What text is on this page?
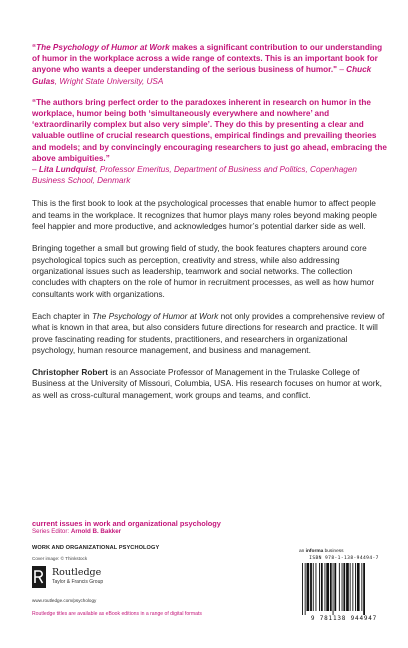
“The Psychology of Humor at Work makes a significant contribution to our understanding of humor in the workplace across a wide range of contexts. This is an important book for anyone who wants a deeper understanding of the serious business of humor." – Chuck Gulas, Wright State University, USA

“The authors bring perfect order to the paradoxes inherent in research on humor in the workplace, humor being both ‘simultaneously everywhere and nowhere’ and ‘extraordinarily complex but also very simple’. They do this by presenting a clear and valuable outline of crucial research questions, empirical findings and prevailing theories and models; and by convincingly encouraging researchers to just go ahead, embracing the above ambiguities.”

– Lita Lundquist, Professor Emeritus, Department of Business and Politics, Copenhagen Business School, Denmark

This is the first book to look at the psychological processes that enable humor to affect people and teams in the workplace. It recognizes that humor plays many roles beyond making people feel happier and more productive, and acknowledges humor’s potential darker side as well.

Bringing together a small but growing field of study, the book features chapters around core psychological topics such as perception, creativity and stress, while also addressing organizational issues such as leadership, teamwork and social networks. The collection concludes with chapters on the role of humor in recruitment processes, as well as how humor consultants work with organizations.

Each chapter in The Psychology of Humor at Work not only provides a comprehensive review of what is known in that area, but also considers future directions for research and practice. It will prove fascinating reading for students, practitioners, and researchers in organizational psychology, human resource management, and business and management.

Christopher Robert is an Associate Professor of Management in the Trulaske College of Business at the University of Missouri, Columbia, USA. His research focuses on humor at work, as well as cross-cultural management, work groups and teams, and conflict.

current issues in work and organizational psychology
Series Editor: Arnold B. Bakker
WORK AND ORGANIZATIONAL PSYCHOLOGY
Cover image: © Thinkstock
Routledge
Taylor & Francis Group
www.routledge.com/psychology
Routledge titles are available as eBook editions in a range of digital formats
an informa business
ISBN 978-1-138-94494-7
9 781138 944947
